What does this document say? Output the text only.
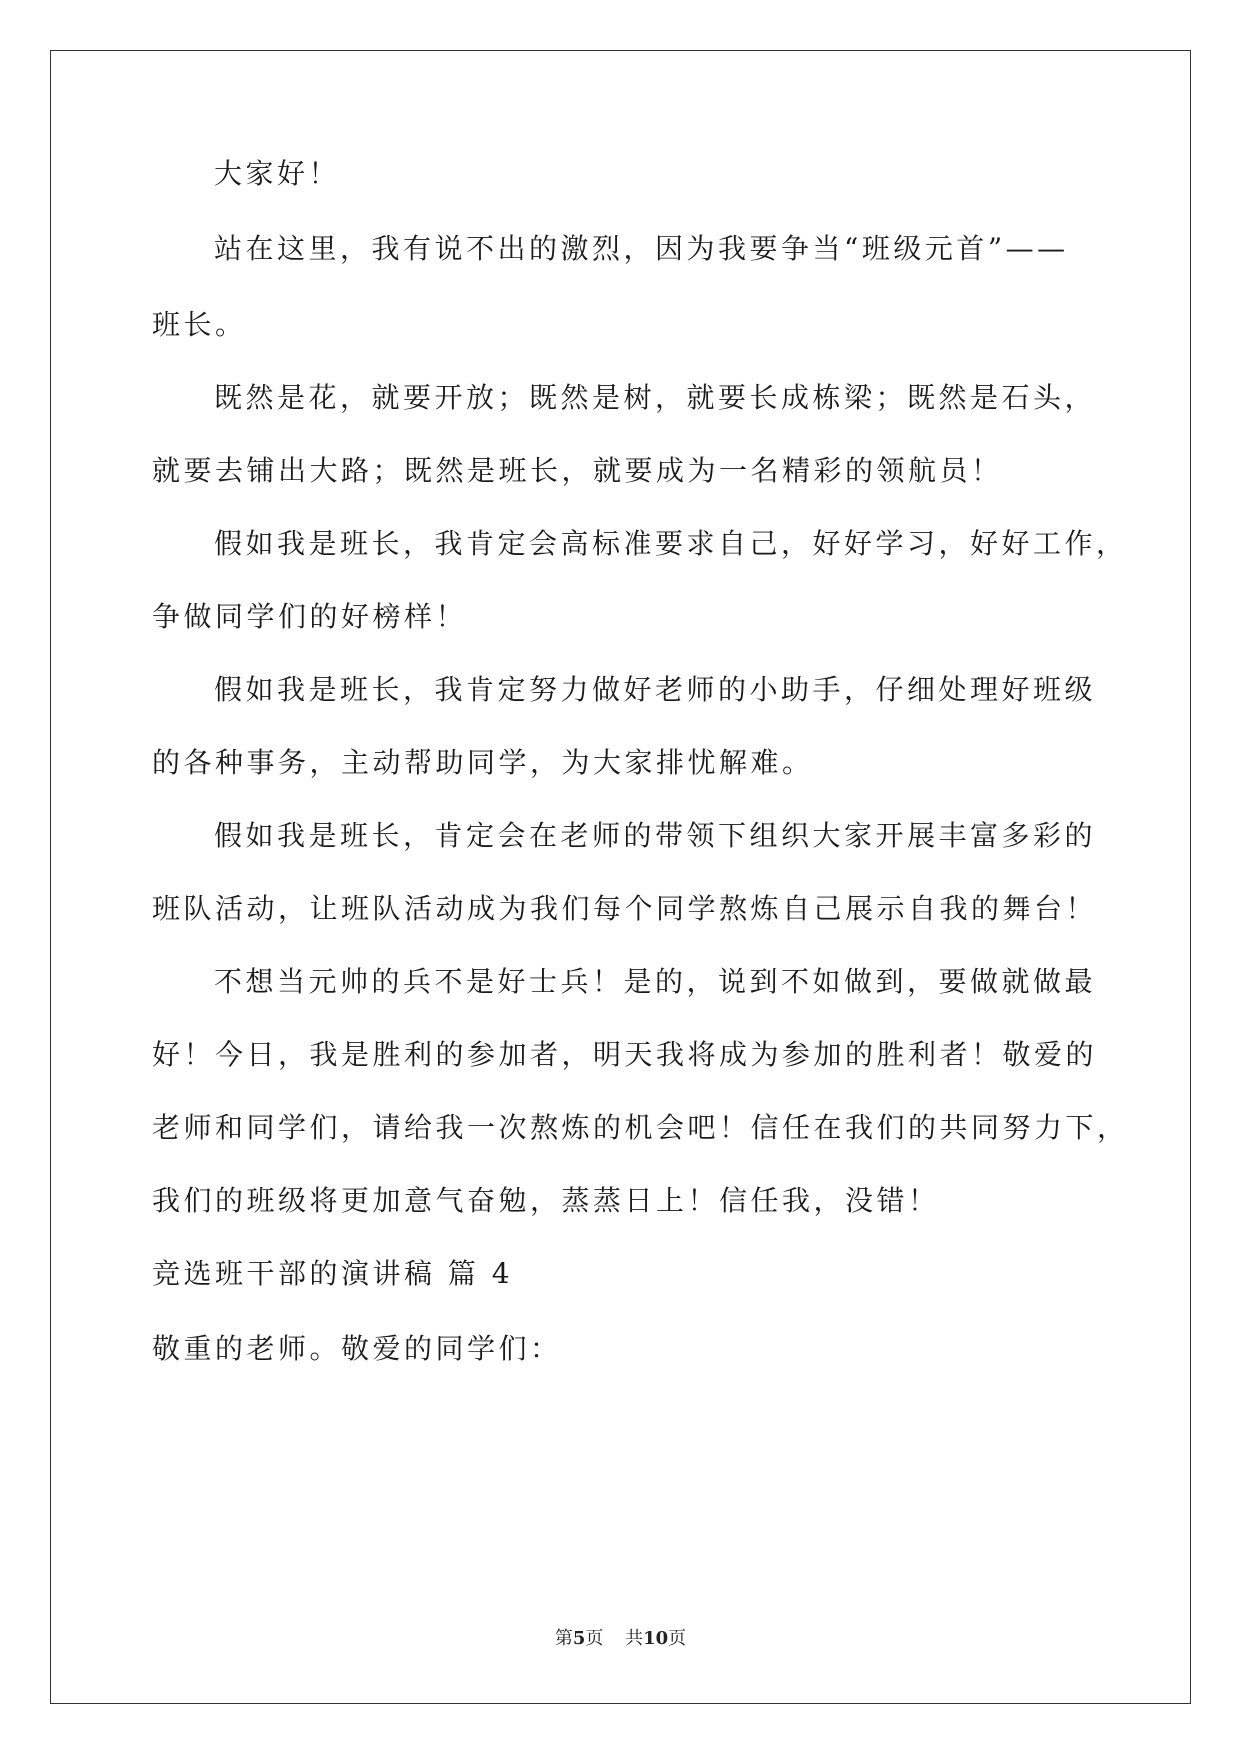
大家好！
站在这里，我有说不出的激烈，因为我要争当“班级元首”——
班长。
既然是花，就要开放；既然是树，就要长成栋梁；既然是石头，
就要去铺出大路；既然是班长，就要成为一名精彩的领航员！
假如我是班长，我肯定会高标准要求自己，好好学习，好好工作，
争做同学们的好榜样！
假如我是班长，我肯定努力做好老师的小助手，仔细处理好班级
的各种事务，主动帮助同学，为大家排忧解难。
假如我是班长，肯定会在老师的带领下组织大家开展丰富多彩的
班队活动，让班队活动成为我们每个同学熬炼自己展示自我的舞台！
不想当元帅的兵不是好士兵！是的，说到不如做到，要做就做最
好！今日，我是胜利的参加者，明天我将成为参加的胜利者！敬爱的
老师和同学们，请给我一次熬炼的机会吧！信任在我们的共同努力下，
我们的班级将更加意气奋勉，蒸蒸日上！信任我，没错！
竞选班干部的演讲稿 篇 4
敬重的老师。敬爱的同学们：
第5页 共10页
